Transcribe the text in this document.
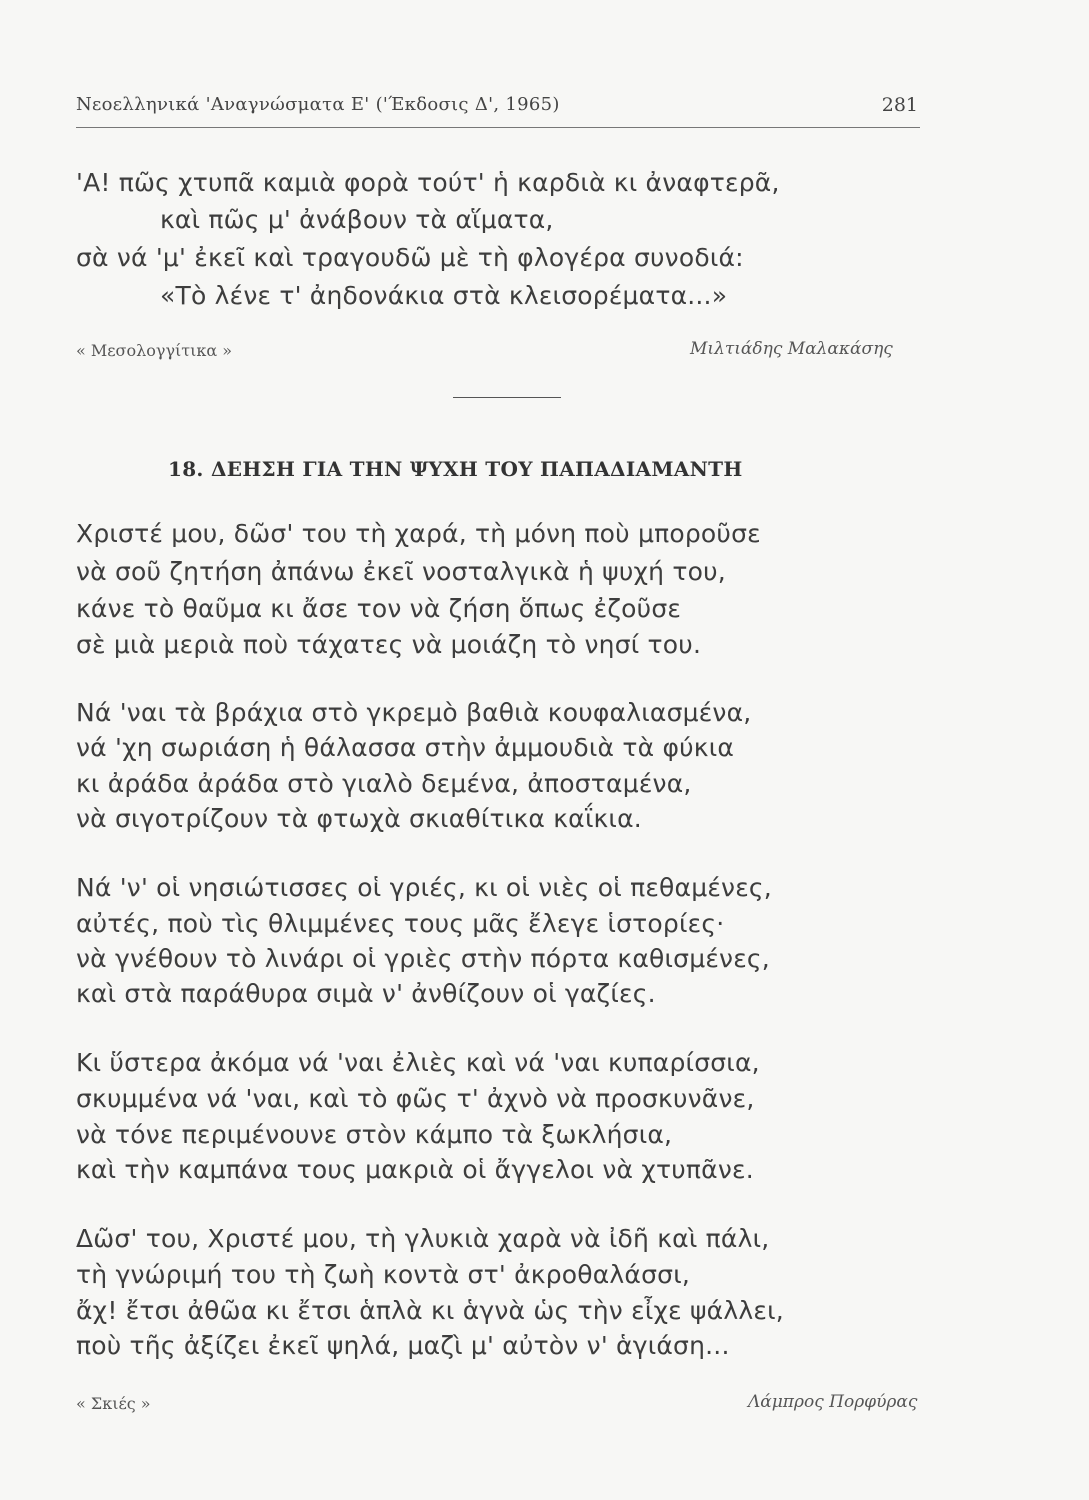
Νεοελληνικά 'Αναγνώσματα Ε' ('Έκδοσις Δ', 1965)	281
'Α! πῶς χτυπᾶ καμιὰ φορὰ τούτ' ἡ καρδιὰ κι ἀναφτερᾶ,
καὶ πῶς μ' ἀνάβουν τὰ αἵματα,
σὰ νά 'μ' ἐκεῖ καὶ τραγουδῶ μὲ τὴ φλογέρα συνοδιά:
«Τὸ λένε τ' ἀηδονάκια στὰ κλεισορέματα...»
« Μεσολογγίτικα »	Μιλτιάδης Μαλακάσης
18. ΔΕΗΣΗ ΓΙΑ ΤΗΝ ΨΥΧΗ ΤΟΥ ΠΑΠΑΔΙΑΜΑΝΤΗ
Χριστέ μου, δῶσ' του τὴ χαρά, τὴ μόνη ποὺ μποροῦσε
νὰ σοῦ ζητήση ἀπάνω ἐκεῖ νοσταλγικὰ ἡ ψυχή του,
κάνε τὸ θαῦμα κι ἄσε τον νὰ ζήση ὅπως ἐζοῦσε
σὲ μιὰ μεριὰ ποὺ τάχατες νὰ μοιάζη τὸ νησί του.
Νά 'ναι τὰ βράχια στὸ γκρεμὸ βαθιὰ κουφαλιασμένα,
νά 'χη σωριάση ἡ θάλασσα στὴν ἀμμουδιὰ τὰ φύκια
κι ἀράδα ἀράδα στὸ γιαλὸ δεμένα, ἀποσταμένα,
νὰ σιγοτρίζουν τὰ φτωχὰ σκιαθίτικα καΐκια.
Νά 'ν' οἱ νησιώτισσες οἱ γριές, κι οἱ νιὲς οἱ πεθαμένες,
αὐτές, ποὺ τὶς θλιμμένες τους μᾶς ἔλεγε ἱστορίες·
νὰ γνέθουν τὸ λινάρι οἱ γριὲς στὴν πόρτα καθισμένες,
καὶ στὰ παράθυρα σιμὰ ν' ἀνθίζουν οἱ γαζίες.
Κι ὕστερα ἀκόμα νά 'ναι ἐλιὲς καὶ νά 'ναι κυπαρίσσια,
σκυμμένα νά 'ναι, καὶ τὸ φῶς τ' ἀχνὸ νὰ προσκυνᾶνε,
νὰ τόνε περιμένουνε στὸν κάμπο τὰ ξωκλήσια,
καὶ τὴν καμπάνα τους μακριὰ οἱ ἄγγελοι νὰ χτυπᾶνε.
Δῶσ' του, Χριστέ μου, τὴ γλυκιὰ χαρὰ νὰ ἰδῆ καὶ πάλι,
τὴ γνώριμή του τὴ ζωὴ κοντὰ στ' ἀκροθαλάσσι,
ἄχ! ἔτσι ἀθῶα κι ἔτσι ἁπλὰ κι ἁγνὰ ὡς τὴν εἶχε ψάλλει,
ποὺ τῆς ἀξίζει ἐκεῖ ψηλά, μαζὶ μ' αὐτὸν ν' ἁγιάση...
« Σκιές »	Λάμπρος Πορφύρας
